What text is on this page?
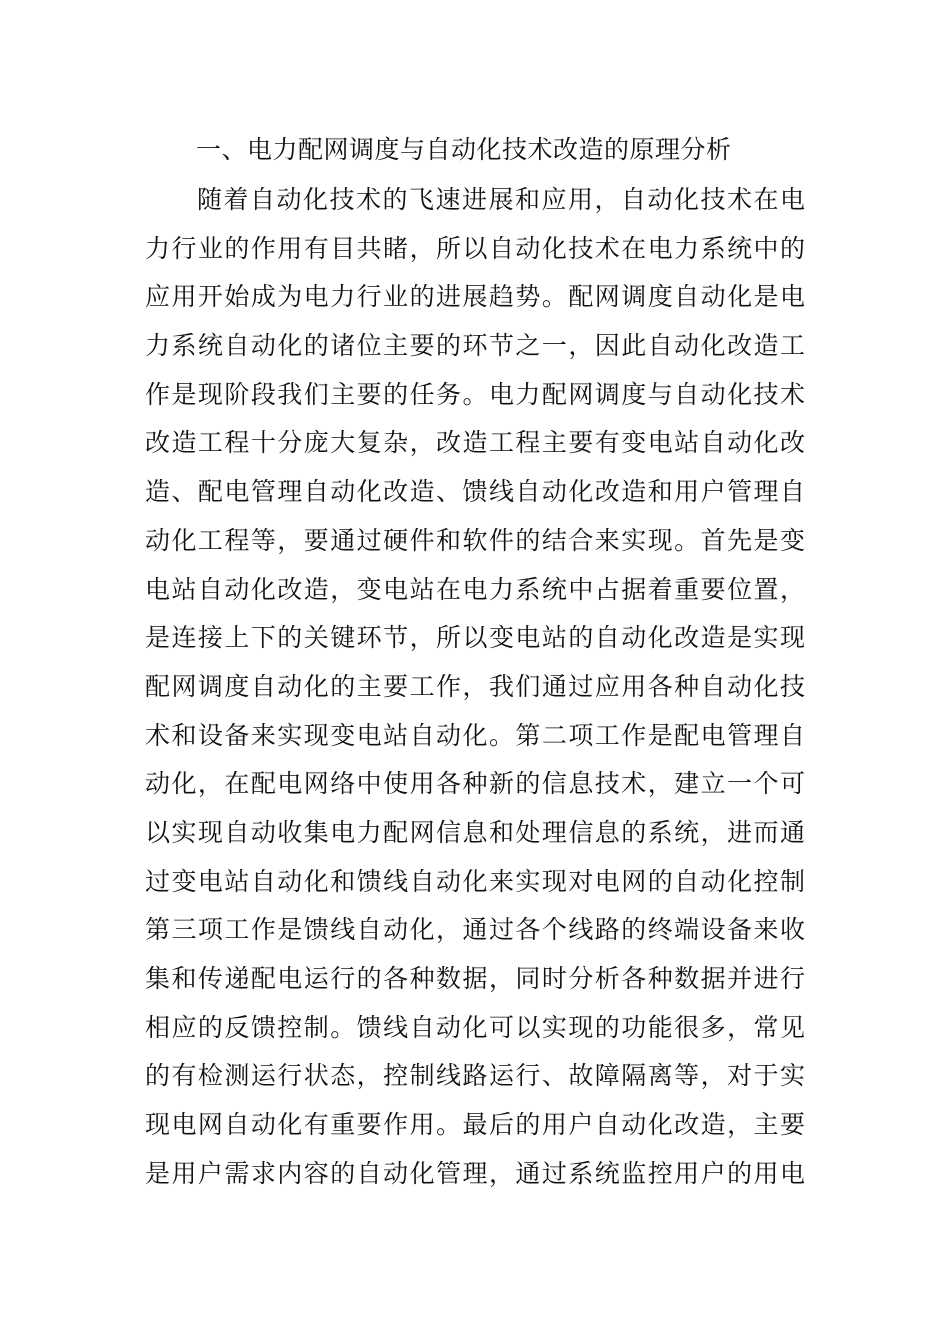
一、电力配网调度与自动化技术改造的原理分析
随着自动化技术的飞速进展和应用，自动化技术在电
力行业的作用有目共睹，所以自动化技术在电力系统中的
应用开始成为电力行业的进展趋势。配网调度自动化是电
力系统自动化的诸位主要的环节之一，因此自动化改造工
作是现阶段我们主要的任务。电力配网调度与自动化技术
改造工程十分庞大复杂，改造工程主要有变电站自动化改
造、配电管理自动化改造、馈线自动化改造和用户管理自
动化工程等，要通过硬件和软件的结合来实现。首先是变
电站自动化改造，变电站在电力系统中占据着重要位置，
是连接上下的关键环节，所以变电站的自动化改造是实现
配网调度自动化的主要工作，我们通过应用各种自动化技
术和设备来实现变电站自动化。第二项工作是配电管理自
动化，在配电网络中使用各种新的信息技术，建立一个可
以实现自动收集电力配网信息和处理信息的系统，进而通
过变电站自动化和馈线自动化来实现对电网的自动化控制
第三项工作是馈线自动化，通过各个线路的终端设备来收
集和传递配电运行的各种数据，同时分析各种数据并进行
相应的反馈控制。馈线自动化可以实现的功能很多，常见
的有检测运行状态，控制线路运行、故障隔离等，对于实
现电网自动化有重要作用。最后的用户自动化改造，主要
是用户需求内容的自动化管理，通过系统监控用户的用电
